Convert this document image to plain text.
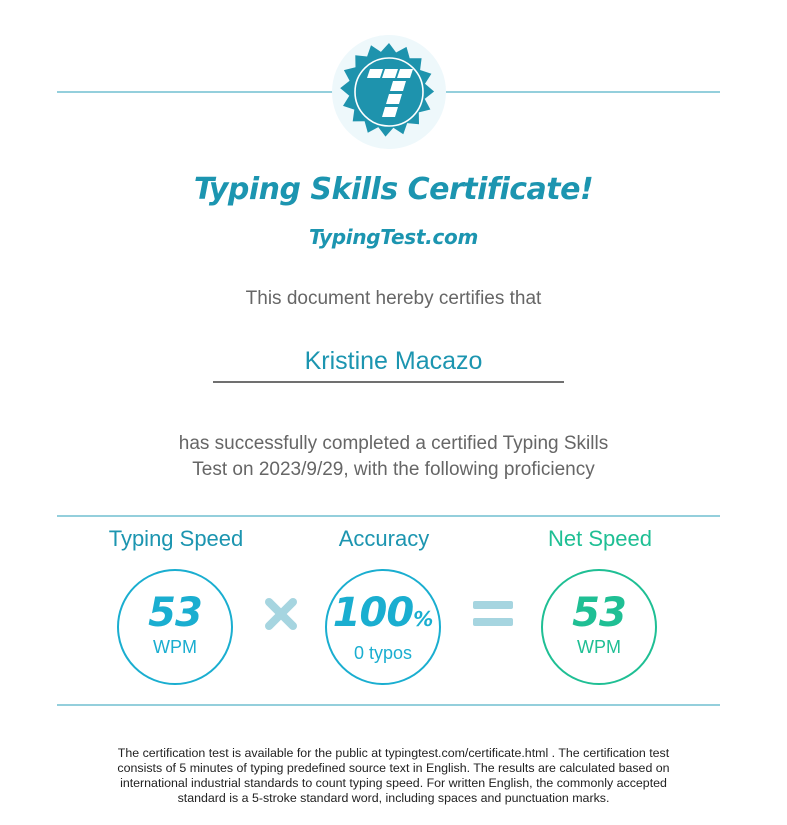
Typing Skills Certificate!
TypingTest.com
This document hereby certifies that
Kristine Macazo
has successfully completed a certified Typing Skills
Test on 2023/9/29, with the following proficiency
Typing Speed
53
WPM
Accuracy
100%
0 typos
Net Speed
53
WPM
The certification test is available for the public at typingtest.com/certificate.html . The certification test
consists of 5 minutes of typing predefined source text in English. The results are calculated based on
international industrial standards to count typing speed. For written English, the commonly accepted
standard is a 5-stroke standard word, including spaces and punctuation marks.
